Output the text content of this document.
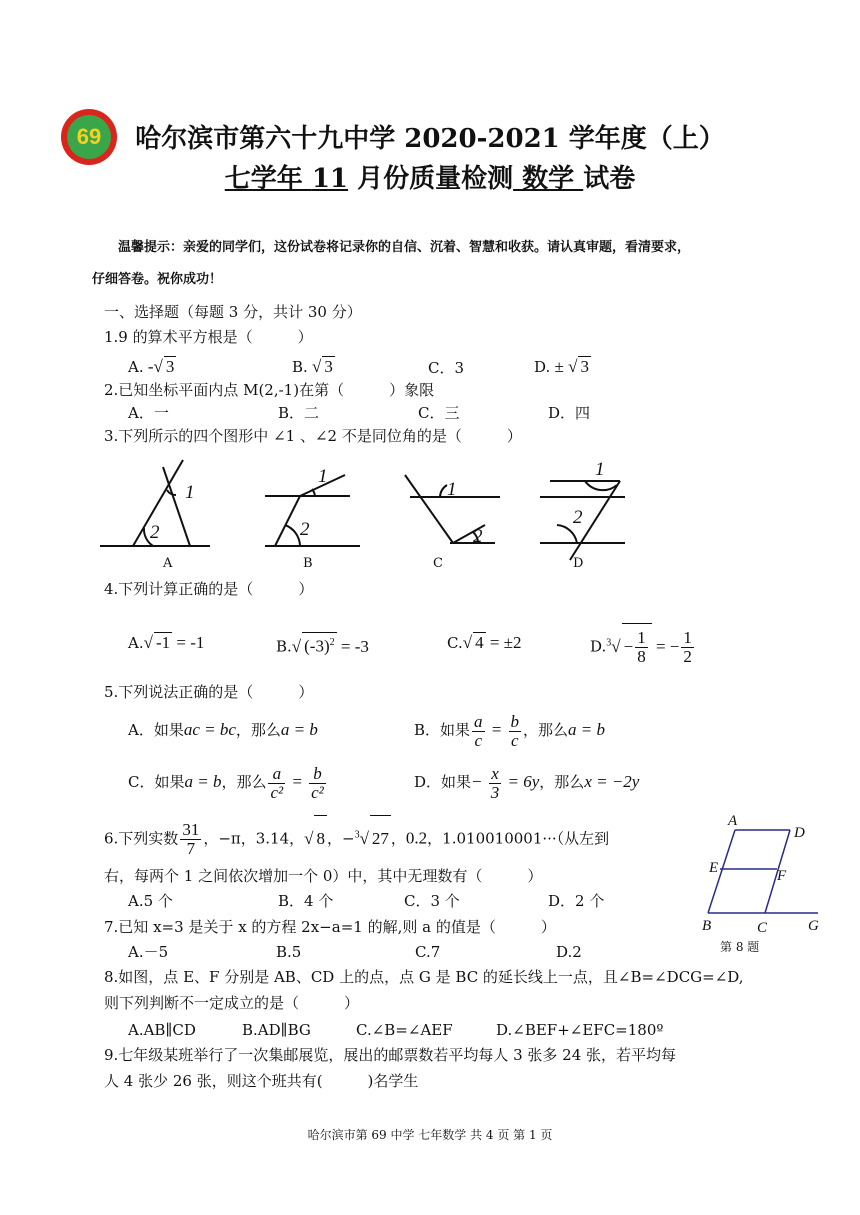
69	哈尔滨市第六十九中学 2020-2021 学年度（上）
七学年 11 月份质量检测 数学 试卷
温馨提示：亲爱的同学们，这份试卷将记录你的自信、沉着、智慧和收获。请认真审题，看清要求，
仔细答卷。祝你成功！
一、选择题（每题 3 分，共计 30 分）
1.9 的算术平方根是（　　　）
A. -√ 3	B. √ 3	C．3	D. ± √ 3
2.已知坐标平面内点 M(2,-1)在第（　　　）象限
A．一	B．二	C．三	D．四
3.下列所示的四个图形中 ∠1 、∠2 不是同位角的是（　　　）
1
2
1
2
1
2
1
2
A	B	C	D
4.下列计算正确的是（　　　）
A.√ -1 = -1	B.√ $(-3)^2 = -3$	C.√ 4 = ±2	$D.^3√ - \frac{1}{8}$ = − $\frac{1}{2}$
5.下列说法正确的是（　　　）
A．如果ac = bc，那么a = b	B．如果 $\frac{a}{c} = \frac{b}{c}$ ，那么a = b
C．如果a = b，那么 $\frac{a}{\text{c²}} = \frac{b}{\text{c²}}$	D．如果− $\frac{x}{3} = 6y$，那么x = −2y
6.下列实数 $\frac{31}{7}$ ，−π，3.14，√ 8 ，−$^3$√ 27 ，0.2，1.010010001···（从左到
右，每两个 1 之间依次增加一个 0）中，其中无理数有（　　　）
A.5 个	B．4 个	C．3 个	D．2 个
A
D
E	F
B	C	G
第 8 题
7.已知 x=3 是关于 x 的方程 2x−a=1 的解,则 a 的值是（　　　）
A.－5	B.5	C.7	D.2
8.如图，点 E、F 分别是 AB、CD 上的点，点 G 是 BC 的延长线上一点，且∠B=∠DCG=∠D,
则下列判断不一定成立的是（　　　）
A.AB∥CD	B.AD∥BG	C.∠B=∠AEF	D.∠BEF+∠EFC=180º
9.七年级某班举行了一次集邮展览，展出的邮票数若平均每人 3 张多 24 张，若平均每
人 4 张少 26 张，则这个班共有(　　　)名学生
哈尔滨市第 69 中学 七年数学 共 4 页 第 1 页
